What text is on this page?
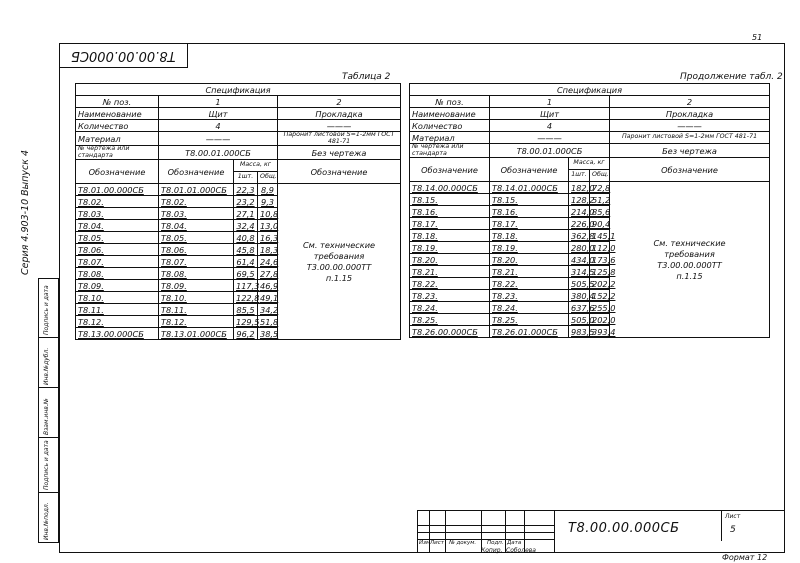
51
T8.00.00.000СБ
Серия 4.903-10 Выпуск 4
Подпись и дата
Инв.№дубл.
Взам.инв.№
Подпись и дата
Инв.№подл.
Таблица 2
Спецификация				
№ поз.	1			2
Наименование	Щит			Прокладка
Количество	4			———
Материал	———			Паронит листовой S=1-2мм ГОСТ 481-71
№ чертежа или стандарта	T8.00.01.000СБ			Без чертежа
Обозначение	Обозначение	Масса, кг		Обозначение
		1шт.	Общ.	
T8.01.00.000СБ	T8.01.01.000СБ	22,3	8,9	См. технические
требования
T3.00.00.000TT
п.1.15

T8.02.	T8.02.	23,2	9,3	
T8.03.	T8.03.	27,1	10,8	
T8.04.	T8.04.	32,4	13,0	
T8.05.	T8.05.	40,8	16,3	
T8.06.	T8.06.	45,8	18,3	
T8.07.	T8.07.	61,4	24,6	
T8.08.	T8.08.	69,5	27,8	
T8.09.	T8.09.	117,3	46,9	
T8.10.	T8.10.	122,8	49,1	
T8.11.	T8.11.	85,5	34,2	
T8.12.	T8.12.	129,5	51,8	
T8.13.00.000СБ	T8.13.01.000СБ	96,2	38,5	
Продолжение табл. 2
Спецификация				
№ поз.	1			2
Наименование	Щит			Прокладка
Количество	4			———
Материал	———			Паронит листовой S=1-2мм ГОСТ 481-71
№ чертежа или стандарта	T8.00.01.000СБ			Без чертежа
Обозначение	Обозначение	Масса, кг		Обозначение
		1шт.	Общ.	
T8.14.00.000СБ	T8.14.01.000СБ	182,0	72,8	См. технические
требования
T3.00.00.000TT
п.1.15

T8.15.	T8.15.	128,2	51,2	
T8.16.	T8.16.	214,0	85,6	
T8.17.	T8.17.	226,0	90,4	
T8.18.	T8.18.	362,8	145,1	
T8.19.	T8.19.	280,0	112,0	
T8.20.	T8.20.	434,0	173,6	
T8.21.	T8.21.	314,5	125,8	
T8.22.	T8.22.	505,5	202,2	
T8.23.	T8.23.	380,4	152,2	
T8.24.	T8.24.	637,6	255,0	
T8.25.	T8.25.	505,0	202,0	
T8.26.00.000СБ	T8.26.01.000СБ	983,5	393,4	
Изм Лист № докум. Подп. Дата
Копир. Соболева
T8.00.00.000СБ
Лист
5
Формат 12
